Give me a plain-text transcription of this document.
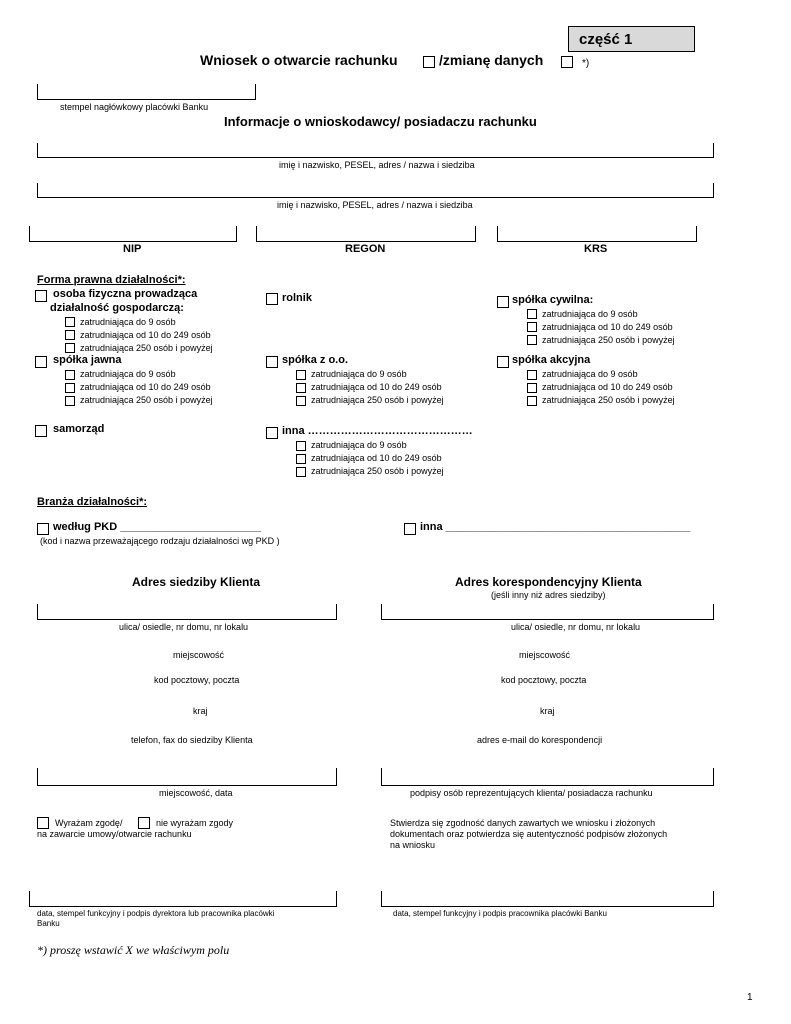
część 1
Wniosek o otwarcie rachunku	/zmianę danych	*)
stempel nagłówkowy placówki Banku
Informacje o wnioskodawcy/ posiadaczu rachunku
imię i nazwisko, PESEL, adres / nazwa i siedziba
imię i nazwisko, PESEL, adres / nazwa i siedziba
NIP	REGON	KRS
Forma prawna działalności*:
osoba fizyczna prowadząca
działalność gospodarczą:
zatrudniająca do 9 osób
zatrudniająca od 10 do 249 osób
zatrudniająca 250 osób i powyżej
rolnik	spółka cywilna:
zatrudniająca do 9 osób
zatrudniająca od 10 do 249 osób
zatrudniająca 250 osób i powyżej
spółka jawna
zatrudniająca do 9 osób
zatrudniająca od 10 do 249 osób
zatrudniająca 250 osób i powyżej
spółka z o.o.
zatrudniająca do 9 osób
zatrudniająca od 10 do 249 osób
zatrudniająca 250 osób i powyżej
spółka akcyjna
zatrudniająca do 9 osób
zatrudniająca od 10 do 249 osób
zatrudniająca 250 osób i powyżej
samorząd	inna ………………………………………
zatrudniająca do 9 osób
zatrudniająca od 10 do 249 osób
zatrudniająca 250 osób i powyżej
Branża działalności*:
według PKD _______________________
(kod i nazwa przeważającego rodzaju działalności wg PKD )
inna ________________________________________
Adres siedziby Klienta	Adres korespondencyjny Klienta
(jeśli inny niż adres siedziby)
ulica/ osiedle, nr domu, nr lokalu	ulica/ osiedle, nr domu, nr lokalu
miejscowość	miejscowość
kod pocztowy, poczta	kod pocztowy, poczta
kraj	kraj
telefon, fax do siedziby Klienta	adres e-mail do korespondencji
miejscowość, data	podpisy osób reprezentujących klienta/ posiadacza rachunku
Wyrażam zgodę/	nie wyrażam zgody
na zawarcie umowy/otwarcie rachunku
Stwierdza się zgodność danych zawartych we wniosku i złożonych
dokumentach oraz potwierdza się autentyczność podpisów złożonych
na wniosku
data, stempel funkcyjny i podpis dyrektora lub pracownika placówki
Banku
data, stempel funkcyjny i podpis pracownika placówki Banku
*) proszę wstawić X we właściwym polu
1
